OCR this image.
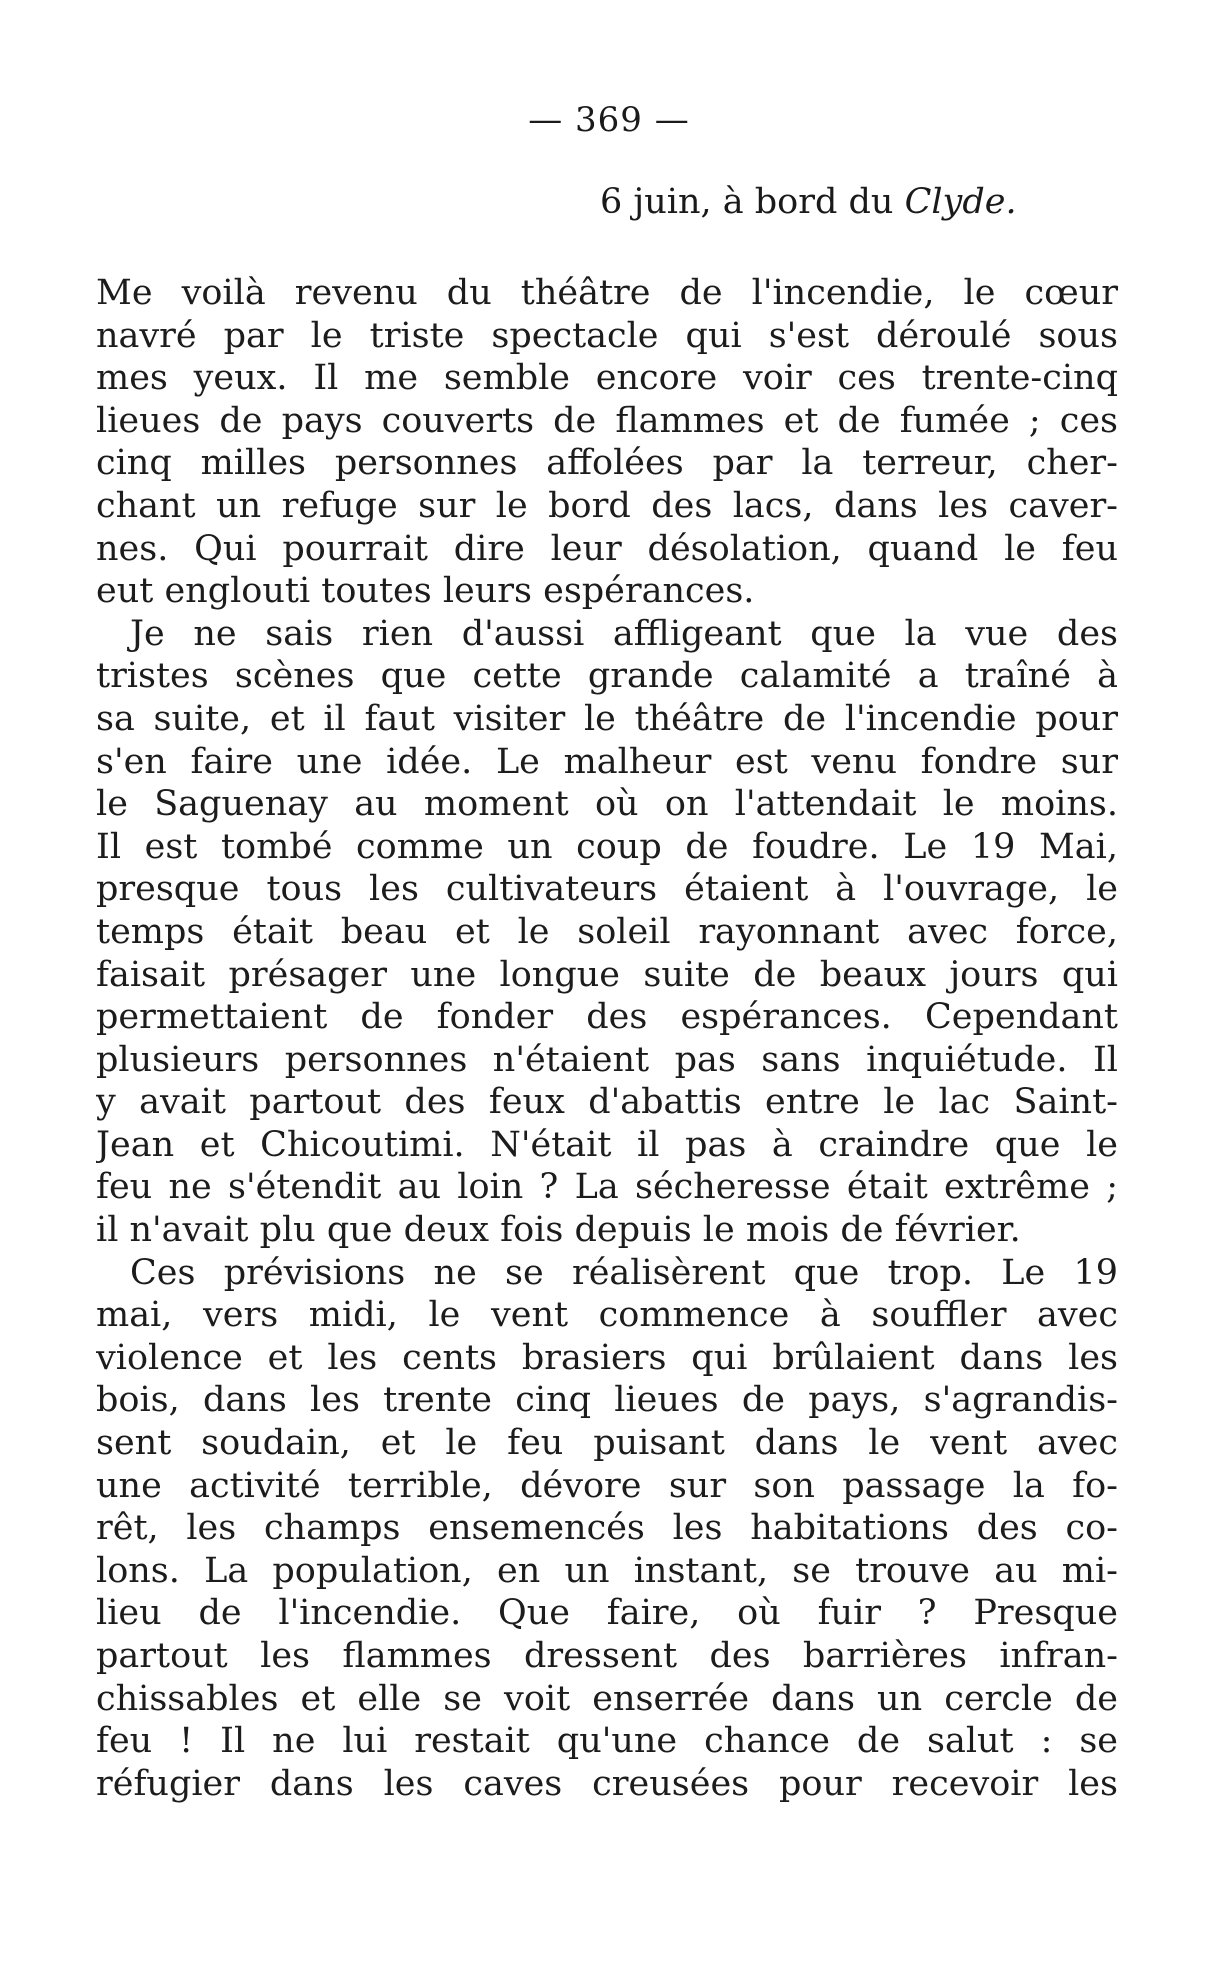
— 369 —
6 juin, à bord du Clyde.
Me voilà revenu du théâtre de l'incendie, le cœur
navré par le triste spectacle qui s'est déroulé sous
mes yeux. Il me semble encore voir ces trente-cinq
lieues de pays couverts de flammes et de fumée ; ces
cinq milles personnes affolées par la terreur, cher-
chant un refuge sur le bord des lacs, dans les caver-
nes. Qui pourrait dire leur désolation, quand le feu
eut englouti toutes leurs espérances.
Je ne sais rien d'aussi affligeant que la vue des
tristes scènes que cette grande calamité a traîné à
sa suite, et il faut visiter le théâtre de l'incendie pour
s'en faire une idée. Le malheur est venu fondre sur
le Saguenay au moment où on l'attendait le moins.
Il est tombé comme un coup de foudre. Le 19 Mai,
presque tous les cultivateurs étaient à l'ouvrage, le
temps était beau et le soleil rayonnant avec force,
faisait présager une longue suite de beaux jours qui
permettaient de fonder des espérances. Cependant
plusieurs personnes n'étaient pas sans inquiétude. Il
y avait partout des feux d'abattis entre le lac Saint-
Jean et Chicoutimi. N'était il pas à craindre que le
feu ne s'étendit au loin ? La sécheresse était extrême ;
il n'avait plu que deux fois depuis le mois de février.
Ces prévisions ne se réalisèrent que trop. Le 19
mai, vers midi, le vent commence à souffler avec
violence et les cents brasiers qui brûlaient dans les
bois, dans les trente cinq lieues de pays, s'agrandis-
sent soudain, et le feu puisant dans le vent avec
une activité terrible, dévore sur son passage la fo-
rêt, les champs ensemencés les habitations des co-
lons. La population, en un instant, se trouve au mi-
lieu de l'incendie. Que faire, où fuir ? Presque
partout les flammes dressent des barrières infran-
chissables et elle se voit enserrée dans un cercle de
feu ! Il ne lui restait qu'une chance de salut : se
réfugier dans les caves creusées pour recevoir les
